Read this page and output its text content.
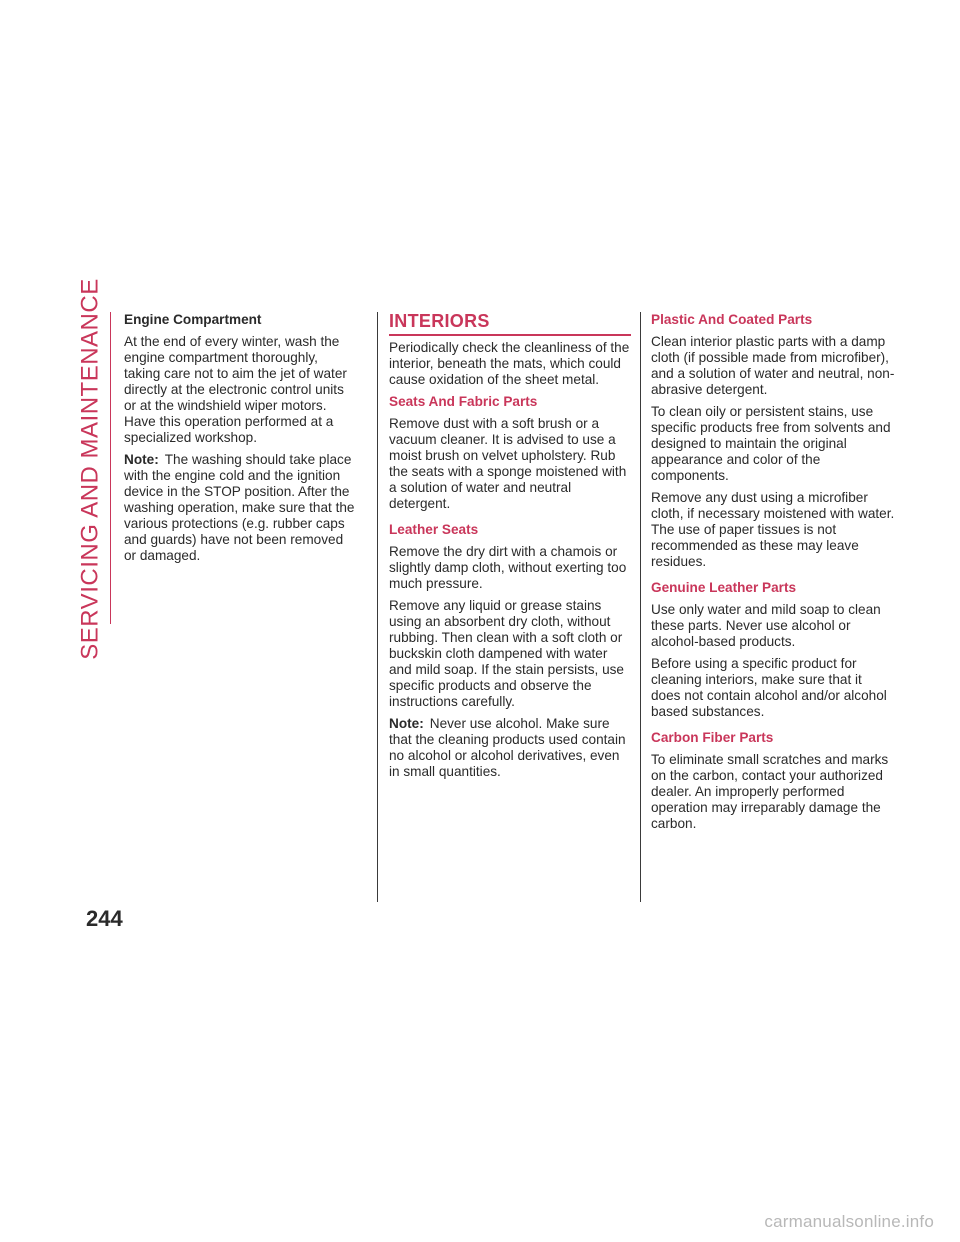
SERVICING AND MAINTENANCE Engine Compartment

At the end of every winter, wash the engine compartment thoroughly, taking care not to aim the jet of water directly at the electronic control units or at the windshield wiper motors. Have this operation performed at a specialized workshop.

Note: The washing should take place with the engine cold and the ignition device in the STOP position. After the washing operation, make sure that the various protections (e.g. rubber caps and guards) have not been removed or damaged.

INTERIORS

Periodically check the cleanliness of the interior, beneath the mats, which could cause oxidation of the sheet metal.

Seats And Fabric Parts

Remove dust with a soft brush or a vacuum cleaner. It is advised to use a moist brush on velvet upholstery. Rub the seats with a sponge moistened with a solution of water and neutral detergent.

Leather Seats

Remove the dry dirt with a chamois or slightly damp cloth, without exerting too much pressure.

Remove any liquid or grease stains using an absorbent dry cloth, without rubbing. Then clean with a soft cloth or buckskin cloth dampened with water and mild soap. If the stain persists, use specific products and observe the instructions carefully.

Note: Never use alcohol. Make sure that the cleaning products used contain no alcohol or alcohol derivatives, even in small quantities.

Plastic And Coated Parts

Clean interior plastic parts with a damp cloth (if possible made from microfiber), and a solution of water and neutral, non-abrasive detergent.

To clean oily or persistent stains, use specific products free from solvents and designed to maintain the original appearance and color of the components.

Remove any dust using a microfiber cloth, if necessary moistened with water. The use of paper tissues is not recommended as these may leave residues.

Genuine Leather Parts

Use only water and mild soap to clean these parts. Never use alcohol or alcohol-based products.

Before using a specific product for cleaning interiors, make sure that it does not contain alcohol and/or alcohol based substances.

Carbon Fiber Parts

To eliminate small scratches and marks on the carbon, contact your authorized dealer. An improperly performed operation may irreparably damage the carbon.

244
carmanualsonline.info
